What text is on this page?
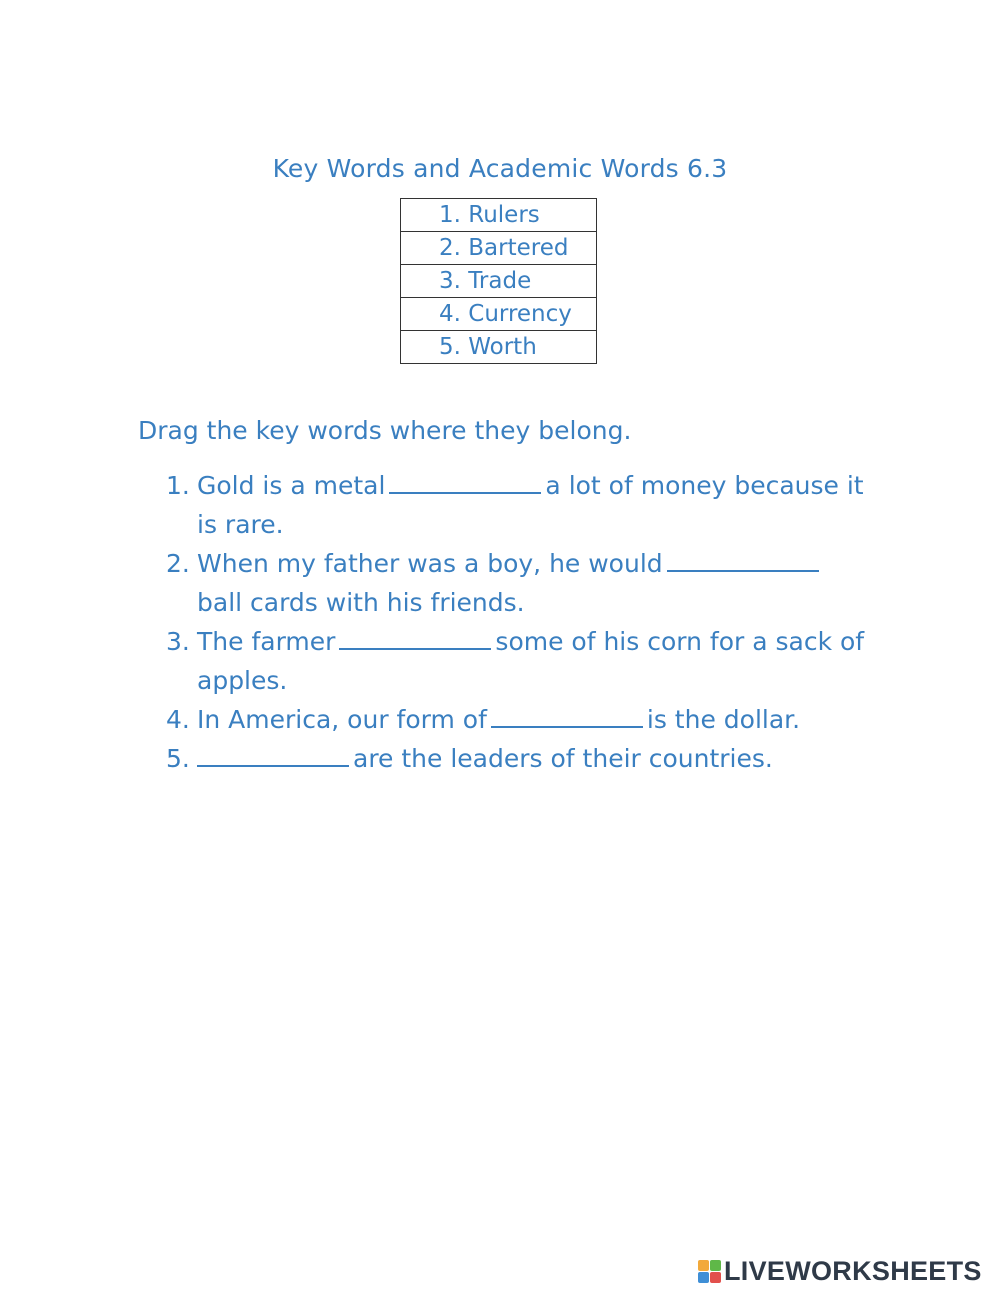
Key Words and Academic Words 6.3
1. Rulers
2. Bartered
3. Trade
4. Currency
5. Worth
Drag the key words where they belong.
1. Gold is a metal	a lot of money because it is rare.
2. When my father was a boy, he wouldball cards with his friends.
3. The farmer	some of his corn for a sack of apples.
4. In America, our form of	is the dollar.
5.	are the leaders of their countries.
LIVEWORKSHEETS
